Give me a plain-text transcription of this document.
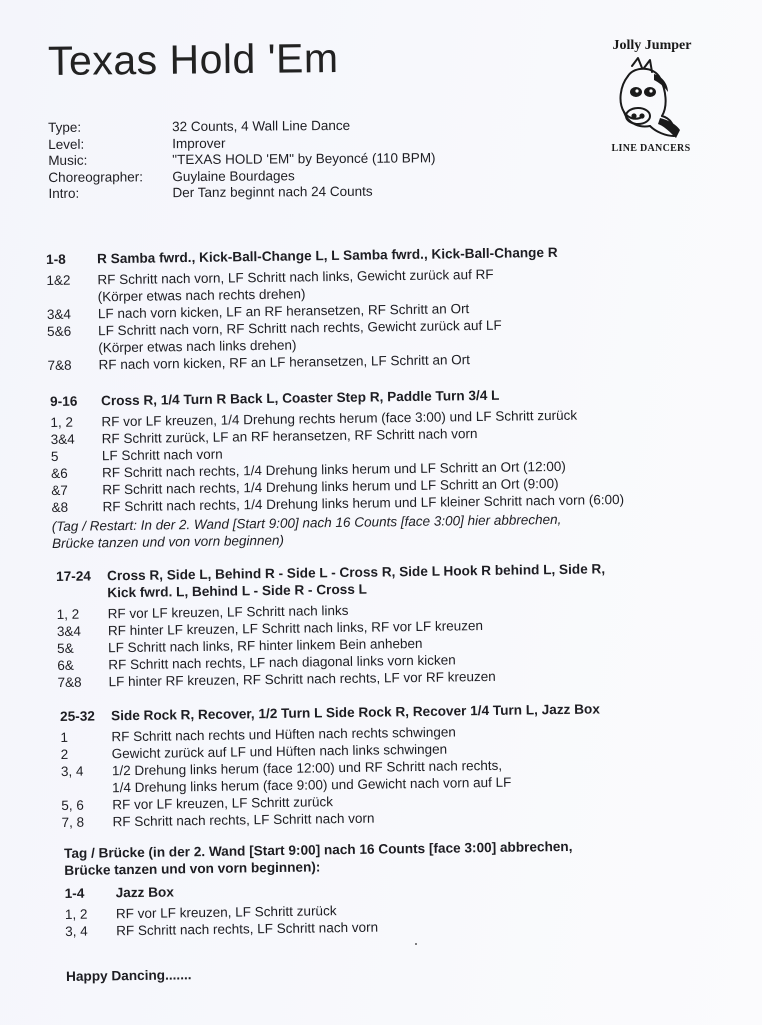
Texas Hold 'Em	Jolly Jumper
LINE DANCERS
Type:	32 Counts, 4 Wall Line Dance
Level:	Improver
Music:	"TEXAS HOLD 'EM" by Beyoncé (110 BPM)
Choreographer:	Guylaine Bourdages
Intro:	Der Tanz beginnt nach 24 Counts
1-8	R Samba fwrd., Kick-Ball-Change L, L Samba fwrd., Kick-Ball-Change R
1&2	RF Schritt nach vorn, LF Schritt nach links, Gewicht zurück auf RF
(Körper etwas nach rechts drehen)
3&4	LF nach vorn kicken, LF an RF heransetzen, RF Schritt an Ort
5&6	LF Schritt nach vorn, RF Schritt nach rechts, Gewicht zurück auf LF
(Körper etwas nach links drehen)
7&8	RF nach vorn kicken, RF an LF heransetzen, LF Schritt an Ort
9-16	Cross R, 1/4 Turn R Back L, Coaster Step R, Paddle Turn 3/4 L
1, 2	RF vor LF kreuzen, 1/4 Drehung rechts herum (face 3:00) und LF Schritt zurück
3&4	RF Schritt zurück, LF an RF heransetzen, RF Schritt nach vorn
5	LF Schritt nach vorn
&6	RF Schritt nach rechts, 1/4 Drehung links herum und LF Schritt an Ort (12:00)
&7	RF Schritt nach rechts, 1/4 Drehung links herum und LF Schritt an Ort (9:00)
&8	RF Schritt nach rechts, 1/4 Drehung links herum und LF kleiner Schritt nach vorn (6:00)
(Tag / Restart: In der 2. Wand [Start 9:00] nach 16 Counts [face 3:00] hier abbrechen,
Brücke tanzen und von vorn beginnen)
17-24	Cross R, Side L, Behind R - Side L - Cross R, Side L Hook R behind L, Side R,
Kick fwrd. L, Behind L - Side R - Cross L
1, 2	RF vor LF kreuzen, LF Schritt nach links
3&4	RF hinter LF kreuzen, LF Schritt nach links, RF vor LF kreuzen
5&	LF Schritt nach links, RF hinter linkem Bein anheben
6&	RF Schritt nach rechts, LF nach diagonal links vorn kicken
7&8	LF hinter RF kreuzen, RF Schritt nach rechts, LF vor RF kreuzen
25-32	Side Rock R, Recover, 1/2 Turn L Side Rock R, Recover 1/4 Turn L, Jazz Box
1	RF Schritt nach rechts und Hüften nach rechts schwingen
2	Gewicht zurück auf LF und Hüften nach links schwingen
3, 4	1/2 Drehung links herum (face 12:00) und RF Schritt nach rechts,
1/4 Drehung links herum (face 9:00) und Gewicht nach vorn auf LF
5, 6	RF vor LF kreuzen, LF Schritt zurück
7, 8	RF Schritt nach rechts, LF Schritt nach vorn
Tag / Brücke (in der 2. Wand [Start 9:00] nach 16 Counts [face 3:00] abbrechen,
Brücke tanzen und von vorn beginnen):
1-4	Jazz Box
1, 2	RF vor LF kreuzen, LF Schritt zurück
3, 4	RF Schritt nach rechts, LF Schritt nach vorn
Happy Dancing.......
